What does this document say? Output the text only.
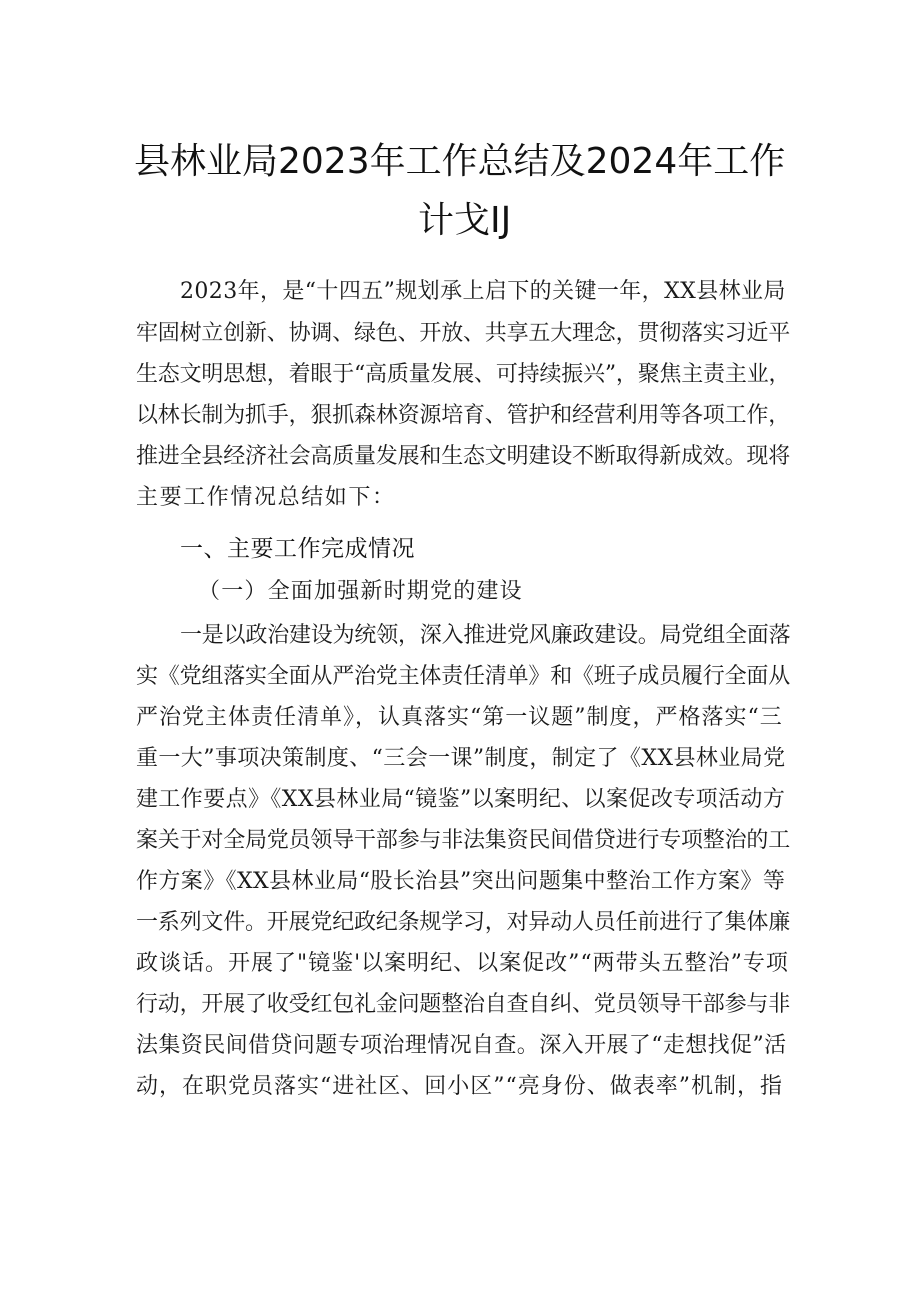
县林业局2023年工作总结及2024年工作
计戈IJ
2023年，是“十四五”规划承上启下的关键一年，XX县林业局
牢固树立创新、协调、绿色、开放、共享五大理念，贯彻落实习近平
生态文明思想，着眼于“高质量发展、可持续振兴”，聚焦主责主业，
以林长制为抓手，狠抓森林资源培育、管护和经营利用等各项工作，
推进全县经济社会高质量发展和生态文明建设不断取得新成效。现将
主要工作情况总结如下：
一、主要工作完成情况
（一）全面加强新时期党的建设
一是以政治建设为统领，深入推进党风廉政建设。局党组全面落
实《党组落实全面从严治党主体责任清单》和《班子成员履行全面从
严治党主体责任清单》，认真落实“第一议题”制度，严格落实“三
重一大”事项决策制度、“三会一课”制度，制定了《XX县林业局党
建工作要点》《XX县林业局“镜鉴”以案明纪、以案促改专项活动方
案关于对全局党员领导干部参与非法集资民间借贷进行专项整治的工
作方案》《XX县林业局“股长治县”突出问题集中整治工作方案》等
一系列文件。开展党纪政纪条规学习，对异动人员任前进行了集体廉
政谈话。开展了"镜鉴'以案明纪、以案促改”“两带头五整治”专项
行动，开展了收受红包礼金问题整治自查自纠、党员领导干部参与非
法集资民间借贷问题专项治理情况自查。深入开展了“走想找促”活
动，在职党员落实“进社区、回小区”“亮身份、做表率”机制，指
